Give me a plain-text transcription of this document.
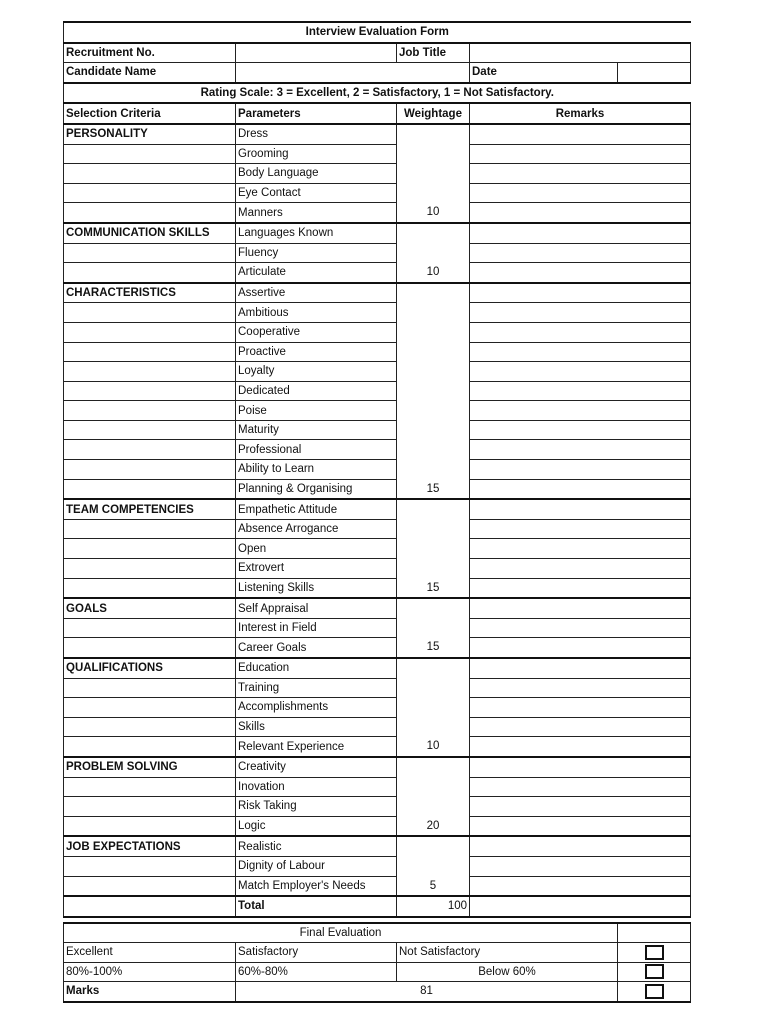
Interview Evaluation Form				
Recruitment No.		Job Title		
Candidate Name			Date	
Rating Scale: 3 = Excellent, 2 = Satisfactory, 1 = Not Satisfactory.				
Selection Criteria	Parameters	Weightage	Remarks	
PERSONALITY	Dress			
	Grooming			
	Body Language			
	Eye Contact			
	Manners	10		
COMMUNICATION SKILLS	Languages Known			
	Fluency			
	Articulate	10		
CHARACTERISTICS	Assertive			
	Ambitious			
	Cooperative			
	Proactive			
	Loyalty			
	Dedicated			
	Poise			
	Maturity			
	Professional			
	Ability to Learn			
	Planning & Organising	15		
TEAM COMPETENCIES	Empathetic Attitude			
	Absence Arrogance			
	Open			
	Extrovert			
	Listening Skills	15		
GOALS	Self Appraisal			
	Interest in Field			
	Career Goals	15		
QUALIFICATIONS	Education			
	Training			
	Accomplishments			
	Skills			
	Relevant Experience	10		
PROBLEM SOLVING	Creativity			
	Inovation			
	Risk Taking			
	Logic	20		
JOB EXPECTATIONS	Realistic			
	Dignity of Labour			
	Match Employer's Needs	5		
	Total	100		
Final Evaluation			
Excellent	Satisfactory	Not Satisfactory	
80%-100%	60%-80%	Below 60%	
Marks	81		
